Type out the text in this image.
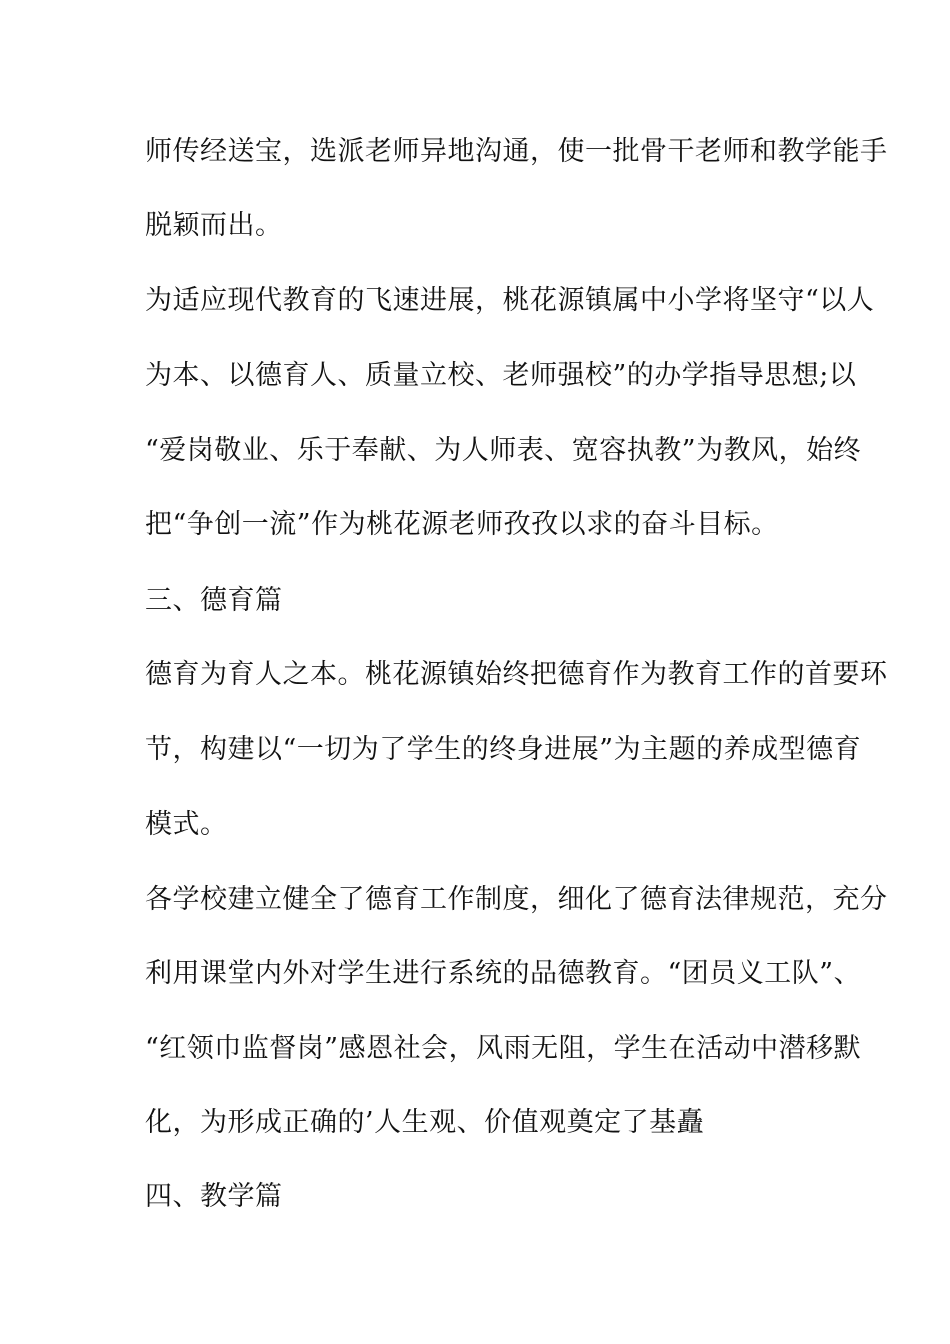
师传经送宝，选派老师异地沟通，使一批骨干老师和教学能手
脱颖而出。
为适应现代教育的飞速进展，桃花源镇属中小学将坚守“以人
为本、以德育人、质量立校、老师强校”的办学指导思想;以
“爱岗敬业、乐于奉献、为人师表、宽容执教”为教风，始终
把“争创一流”作为桃花源老师孜孜以求的奋斗目标。
三、德育篇
德育为育人之本。桃花源镇始终把德育作为教育工作的首要环
节，构建以“一切为了学生的终身进展”为主题的养成型德育
模式。
各学校建立健全了德育工作制度，细化了德育法律规范，充分
利用课堂内外对学生进行系统的品德教育。“团员义工队”、
“红领巾监督岗”感恩社会，风雨无阻，学生在活动中潜移默
化，为形成正确的’人生观、价值观奠定了基矗
四、教学篇
